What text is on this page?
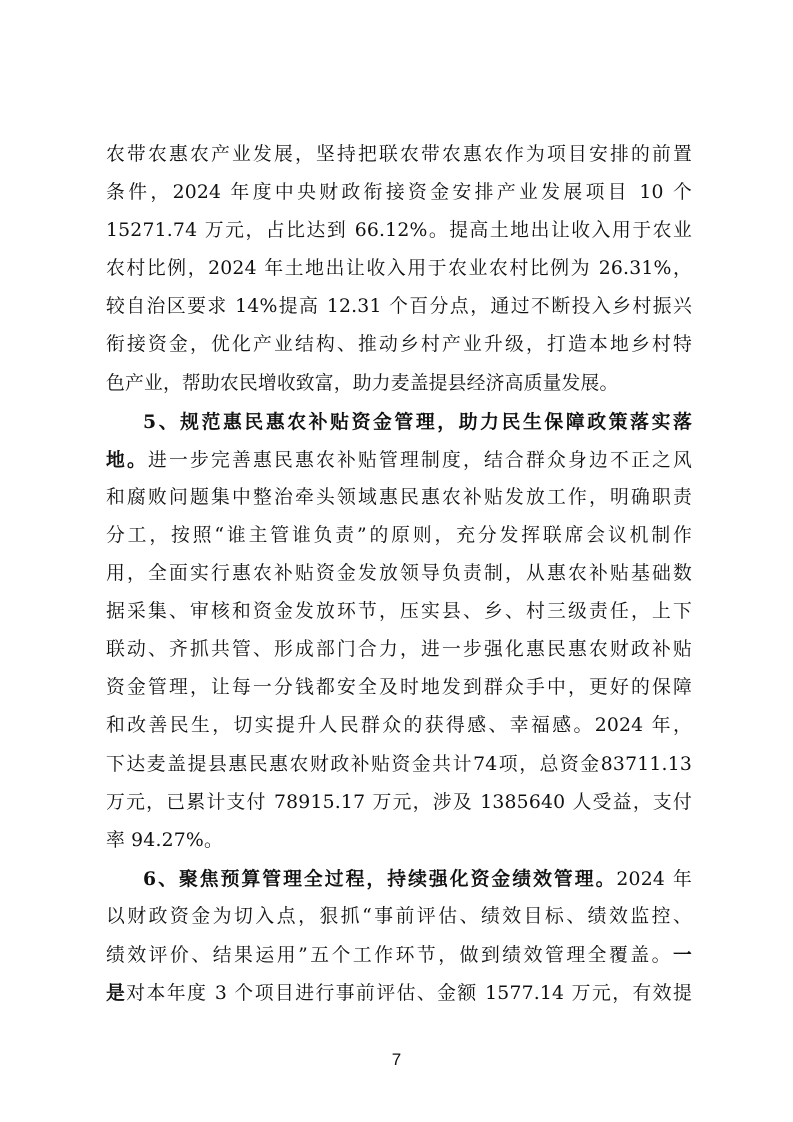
农带农惠农产业发展，坚持把联农带农惠农作为项目安排的前置
条件，2024 年度中央财政衔接资金安排产业发展项目 10 个
15271.74 万元，占比达到 66.12%。提高土地出让收入用于农业
农村比例，2024 年土地出让收入用于农业农村比例为 26.31%，
较自治区要求 14%提高 12.31 个百分点，通过不断投入乡村振兴
衔接资金，优化产业结构、推动乡村产业升级，打造本地乡村特
色产业，帮助农民增收致富，助力麦盖提县经济高质量发展。
5、规范惠民惠农补贴资金管理，助力民生保障政策落实落
地。进一步完善惠民惠农补贴管理制度，结合群众身边不正之风
和腐败问题集中整治牵头领域惠民惠农补贴发放工作，明确职责
分工，按照“谁主管谁负责”的原则，充分发挥联席会议机制作
用，全面实行惠农补贴资金发放领导负责制，从惠农补贴基础数
据采集、审核和资金发放环节，压实县、乡、村三级责任，上下
联动、齐抓共管、形成部门合力，进一步强化惠民惠农财政补贴
资金管理，让每一分钱都安全及时地发到群众手中，更好的保障
和改善民生，切实提升人民群众的获得感、幸福感。2024 年，
下达麦盖提县惠民惠农财政补贴资金共计74项，总资金83711.13
万元，已累计支付 78915.17 万元，涉及 1385640 人受益，支付
率 94.27%。
6、聚焦预算管理全过程，持续强化资金绩效管理。2024 年
以财政资金为切入点，狠抓“事前评估、绩效目标、绩效监控、
绩效评价、结果运用”五个工作环节，做到绩效管理全覆盖。一
是对本年度 3 个项目进行事前评估、金额 1577.14 万元，有效提
7
